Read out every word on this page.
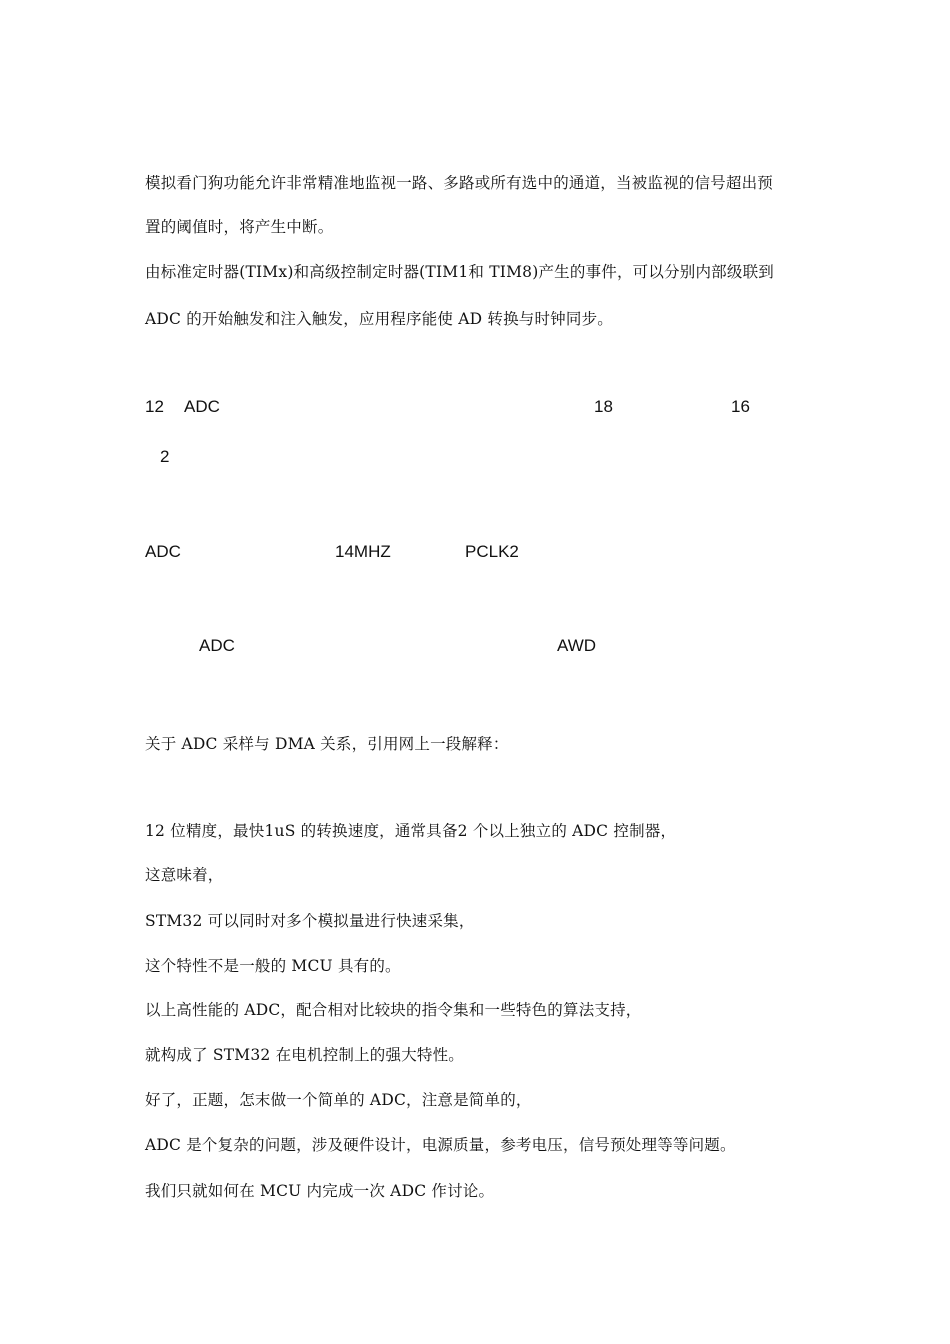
模拟看门狗功能允许非常精准地监视一路、多路或所有选中的通道，当被监视的信号超出预
置的阈值时，将产生中断。
由标准定时器(TIMx)和高级控制定时器(TIM1和 TIM8)产生的事件，可以分别内部级联到
ADC 的开始触发和注入触发，应用程序能使 AD 转换与时钟同步。
12 ADC	18	16
2
ADC	14MHZ	PCLK2
ADC	AWD
关于 ADC 采样与 DMA 关系，引用网上一段解释：
12 位精度，最快1uS 的转换速度，通常具备2 个以上独立的 ADC 控制器，
这意味着，
STM32 可以同时对多个模拟量进行快速采集，
这个特性不是一般的 MCU 具有的。
以上高性能的 ADC，配合相对比较块的指令集和一些特色的算法支持，
就构成了 STM32 在电机控制上的强大特性。
好了，正题，怎末做一个简单的 ADC，注意是简单的，
ADC 是个复杂的问题，涉及硬件设计，电源质量，参考电压，信号预处理等等问题。
我们只就如何在 MCU 内完成一次 ADC 作讨论。
